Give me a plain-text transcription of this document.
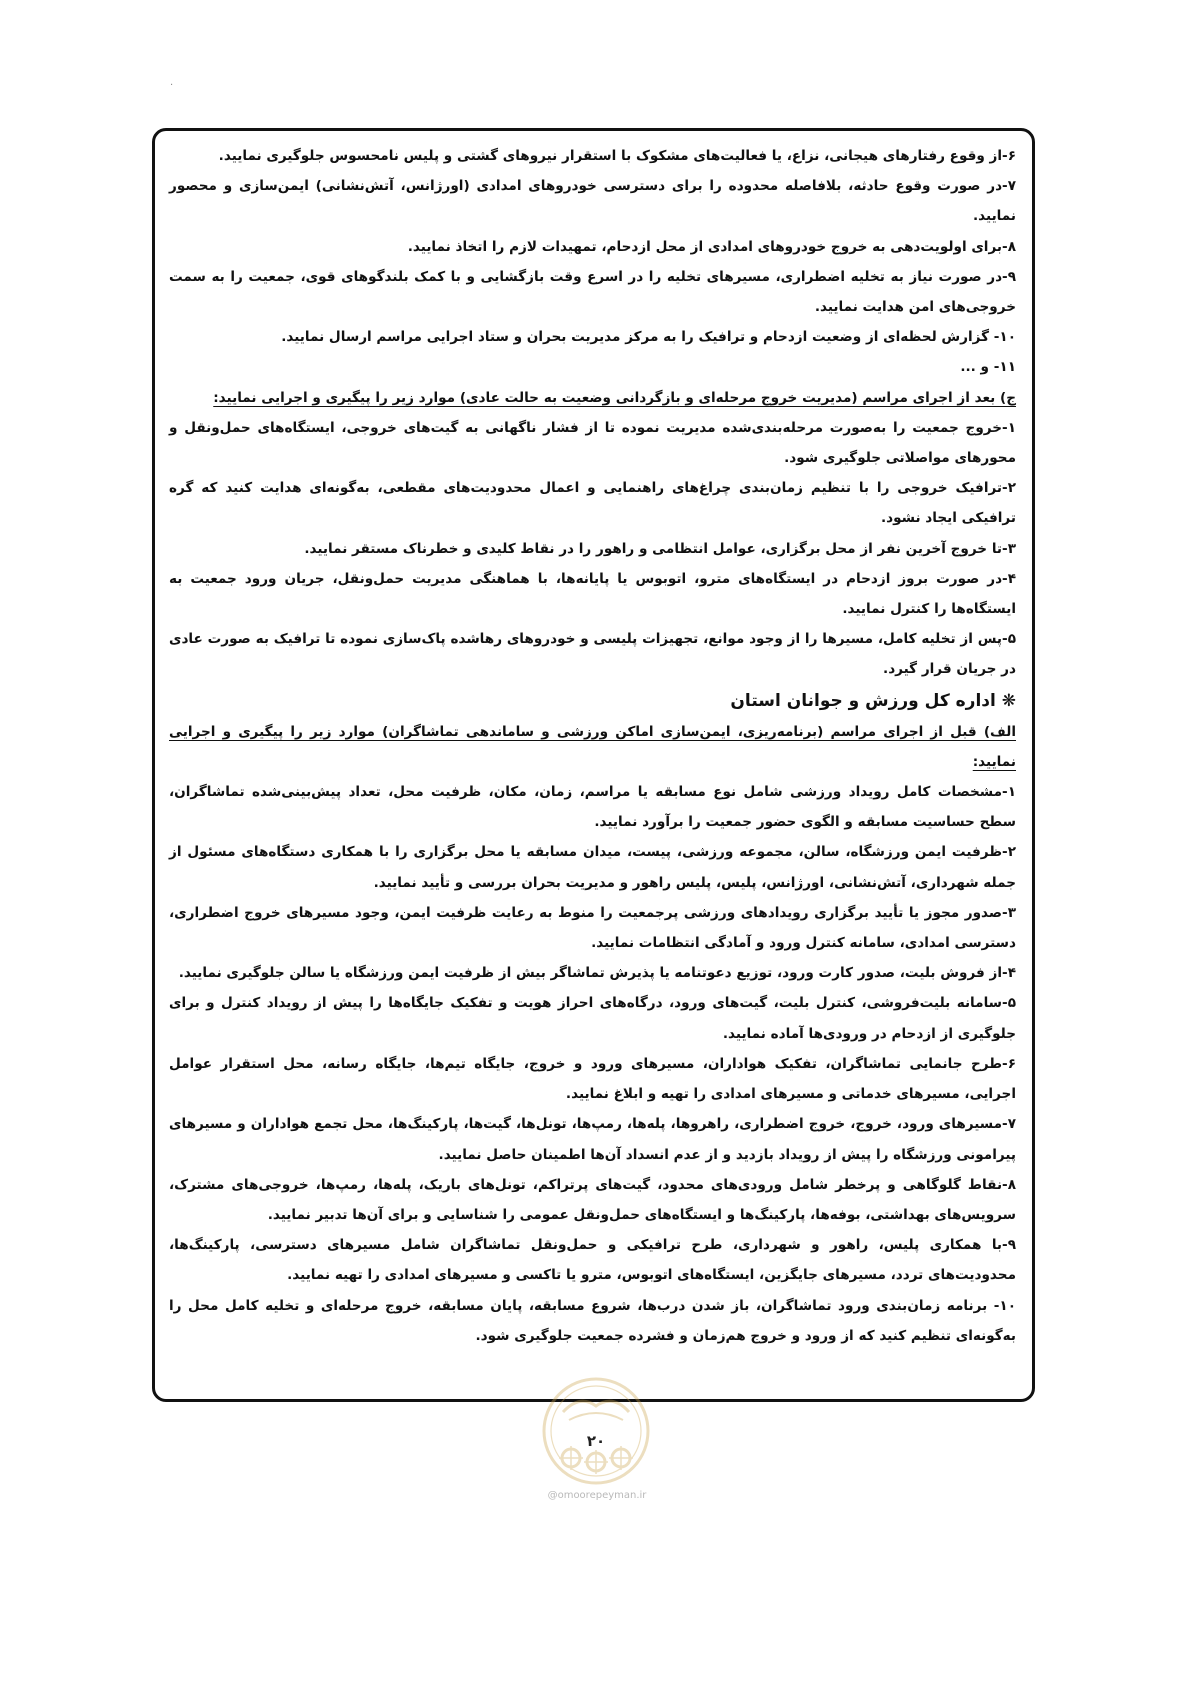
·

۶-از وقوع رفتارهای هیجانی، نزاع، یا فعالیت‌های مشکوک با استقرار نیروهای گشتی و پلیس نامحسوس جلوگیری نمایید.

۷-در صورت وقوع حادثه، بلافاصله محدوده را برای دسترسی خودروهای امدادی (اورژانس، آتش‌نشانی) ایمن‌سازی و محصور نمایید.

۸-برای اولویت‌دهی به خروج خودروهای امدادی از محل ازدحام، تمهیدات لازم را اتخاذ نمایید.

۹-در صورت نیاز به تخلیه اضطراری، مسیرهای تخلیه را در اسرع وقت بازگشایی و با کمک بلندگوهای قوی، جمعیت را به سمت خروجی‌های امن هدایت نمایید.

۱۰- گزارش لحظه‌ای از وضعیت ازدحام و ترافیک را به مرکز مدیریت بحران و ستاد اجرایی مراسم ارسال نمایید.

۱۱- و ...

ج) بعد از اجرای مراسم (مدیریت خروج مرحله‌ای و بازگردانی وضعیت به حالت عادی) موارد زیر را پیگیری و اجرایی نمایید:

۱-خروج جمعیت را به‌صورت مرحله‌بندی‌شده مدیریت نموده تا از فشار ناگهانی به گیت‌های خروجی، ایستگاه‌های حمل‌ونقل و محورهای مواصلاتی جلوگیری شود.

۲-ترافیک خروجی را با تنظیم زمان‌بندی چراغ‌های راهنمایی و اعمال محدودیت‌های مقطعی، به‌گونه‌ای هدایت کنید که گره ترافیکی ایجاد نشود.

۳-تا خروج آخرین نفر از محل برگزاری، عوامل انتظامی و راهور را در نقاط کلیدی و خطرناک مستقر نمایید.

۴-در صورت بروز ازدحام در ایستگاه‌های مترو، اتوبوس یا پایانه‌ها، با هماهنگی مدیریت حمل‌ونقل، جریان ورود جمعیت به ایستگاه‌ها را کنترل نمایید.

۵-پس از تخلیه کامل، مسیرها را از وجود موانع، تجهیزات پلیسی و خودروهای رهاشده پاک‌سازی نموده تا ترافیک به صورت عادی در جریان قرار گیرد.

❋ اداره کل ورزش و جوانان استان

الف) قبل از اجرای مراسم (برنامه‌ریزی، ایمن‌سازی اماکن ورزشی و ساماندهی تماشاگران) موارد زیر را پیگیری و اجرایی نمایید:

۱-مشخصات کامل رویداد ورزشی شامل نوع مسابقه یا مراسم، زمان، مکان، ظرفیت محل، تعداد پیش‌بینی‌شده تماشاگران، سطح حساسیت مسابقه و الگوی حضور جمعیت را برآورد نمایید.

۲-ظرفیت ایمن ورزشگاه، سالن، مجموعه ورزشی، پیست، میدان مسابقه یا محل برگزاری را با همکاری دستگاه‌های مسئول از جمله شهرداری، آتش‌نشانی، اورژانس، پلیس، پلیس راهور و مدیریت بحران بررسی و تأیید نمایید.

۳-صدور مجوز یا تأیید برگزاری رویدادهای ورزشی پرجمعیت را منوط به رعایت ظرفیت ایمن، وجود مسیرهای خروج اضطراری، دسترسی امدادی، سامانه کنترل ورود و آمادگی انتظامات نمایید.

۴-از فروش بلیت، صدور کارت ورود، توزیع دعوتنامه یا پذیرش تماشاگر بیش از ظرفیت ایمن ورزشگاه یا سالن جلوگیری نمایید.

۵-سامانه بلیت‌فروشی، کنترل بلیت، گیت‌های ورود، درگاه‌های احراز هویت و تفکیک جایگاه‌ها را پیش از رویداد کنترل و برای جلوگیری از ازدحام در ورودی‌ها آماده نمایید.

۶-طرح جانمایی تماشاگران، تفکیک هواداران، مسیرهای ورود و خروج، جایگاه تیم‌ها، جایگاه رسانه، محل استقرار عوامل اجرایی، مسیرهای خدماتی و مسیرهای امدادی را تهیه و ابلاغ نمایید.

۷-مسیرهای ورود، خروج، خروج اضطراری، راهروها، پله‌ها، رمپ‌ها، تونل‌ها، گیت‌ها، پارکینگ‌ها، محل تجمع هواداران و مسیرهای پیرامونی ورزشگاه را پیش از رویداد بازدید و از عدم انسداد آن‌ها اطمینان حاصل نمایید.

۸-نقاط گلوگاهی و پرخطر شامل ورودی‌های محدود، گیت‌های پرتراکم، تونل‌های باریک، پله‌ها، رمپ‌ها، خروجی‌های مشترک، سرویس‌های بهداشتی، بوفه‌ها، پارکینگ‌ها و ایستگاه‌های حمل‌ونقل عمومی را شناسایی و برای آن‌ها تدبیر نمایید.

۹-با همکاری پلیس، راهور و شهرداری، طرح ترافیکی و حمل‌ونقل تماشاگران شامل مسیرهای دسترسی، پارکینگ‌ها، محدودیت‌های تردد، مسیرهای جایگزین، ایستگاه‌های اتوبوس، مترو یا تاکسی و مسیرهای امدادی را تهیه نمایید.

۱۰- برنامه زمان‌بندی ورود تماشاگران، باز شدن درب‌ها، شروع مسابقه، پایان مسابقه، خروج مرحله‌ای و تخلیه کامل محل را به‌گونه‌ای تنظیم کنید که از ورود و خروج هم‌زمان و فشرده جمعیت جلوگیری شود.

۲۰
@omoorepeyman.ir
